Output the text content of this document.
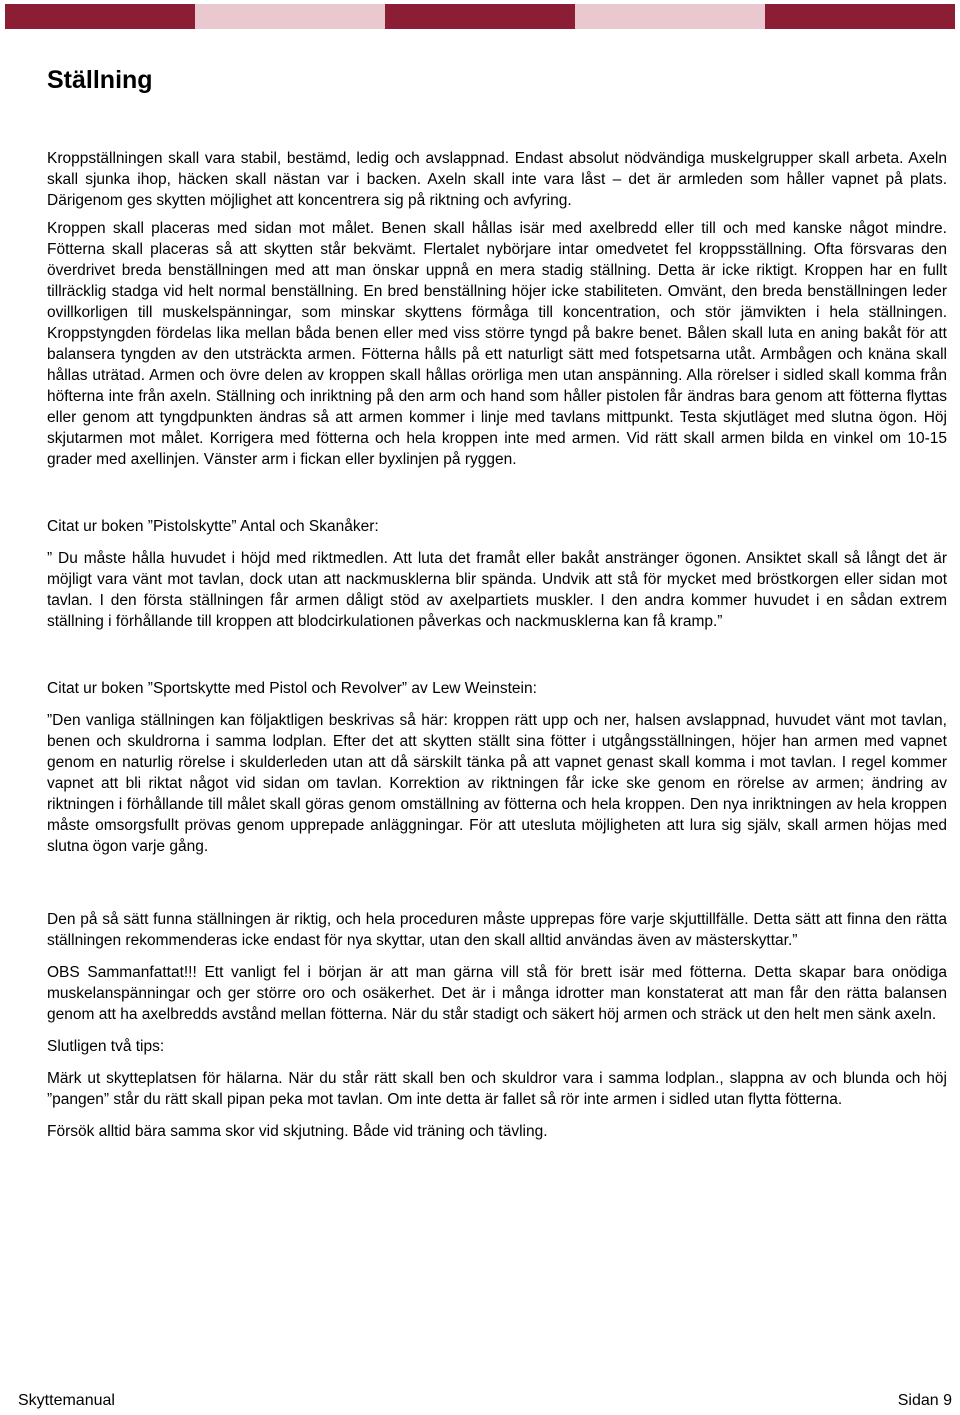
Ställning

Kroppställningen skall vara stabil, bestämd, ledig och avslappnad. Endast absolut nödvändiga muskelgrupper skall arbeta. Axeln skall sjunka ihop, häcken skall nästan var i backen. Axeln skall inte vara låst – det är armleden som håller vapnet på plats. Därigenom ges skytten möjlighet att koncentrera sig på riktning och avfyring.

Kroppen skall placeras med sidan mot målet. Benen skall hållas isär med axelbredd eller till och med kanske något mindre. Fötterna skall placeras så att skytten står bekvämt. Flertalet nybörjare intar omedvetet fel kroppsställning. Ofta försvaras den överdrivet breda benställningen med att man önskar uppnå en mera stadig ställning. Detta är icke riktigt. Kroppen har en fullt tillräcklig stadga vid helt normal benställning. En bred benställning höjer icke stabiliteten. Omvänt, den breda benställningen leder ovillkorligen till muskelspänningar, som minskar skyttens förmåga till koncentration, och stör jämvikten i hela ställningen. Kroppstyngden fördelas lika mellan båda benen eller med viss större tyngd på bakre benet. Bålen skall luta en aning bakåt för att balansera tyngden av den utsträckta armen. Fötterna hålls på ett naturligt sätt med fotspetsarna utåt. Armbågen och knäna skall hållas uträtad. Armen och övre delen av kroppen skall hållas orörliga men utan anspänning. Alla rörelser i sidled skall komma från höfterna inte från axeln. Ställning och inriktning på den arm och hand som håller pistolen får ändras bara genom att fötterna flyttas eller genom att tyngdpunkten ändras så att armen kommer i linje med tavlans mittpunkt. Testa skjutläget med slutna ögon. Höj skjutarmen mot målet. Korrigera med fötterna och hela kroppen inte med armen. Vid rätt skall armen bilda en vinkel om 10-15 grader med axellinjen. Vänster arm i fickan eller byxlinjen på ryggen.

Citat ur boken ”Pistolskytte” Antal och Skanåker:

” Du måste hålla huvudet i höjd med riktmedlen. Att luta det framåt eller bakåt anstränger ögonen. Ansiktet skall så långt det är möjligt vara vänt mot tavlan, dock utan att nackmusklerna blir spända. Undvik att stå för mycket med bröstkorgen eller sidan mot tavlan. I den första ställningen får armen dåligt stöd av axelpartiets muskler. I den andra kommer huvudet i en sådan extrem ställning i förhållande till kroppen att blodcirkulationen påverkas och nackmusklerna kan få kramp.”

Citat ur boken ”Sportskytte med Pistol och Revolver” av Lew Weinstein:

”Den vanliga ställningen kan följaktligen beskrivas så här: kroppen rätt upp och ner, halsen avslappnad, huvudet vänt mot tavlan, benen och skuldrorna i samma lodplan. Efter det att skytten ställt sina fötter i utgångsställningen, höjer han armen med vapnet genom en naturlig rörelse i skulderleden utan att då särskilt tänka på att vapnet genast skall komma i mot tavlan. I regel kommer vapnet att bli riktat något vid sidan om tavlan. Korrektion av riktningen får icke ske genom en rörelse av armen; ändring av riktningen i förhållande till målet skall göras genom omställning av fötterna och hela kroppen. Den nya inriktningen av hela kroppen måste omsorgsfullt prövas genom upprepade anläggningar. För att utesluta möjligheten att lura sig själv, skall armen höjas med slutna ögon varje gång.

Den på så sätt funna ställningen är riktig, och hela proceduren måste upprepas före varje skjuttillfälle. Detta sätt att finna den rätta ställningen rekommenderas icke endast för nya skyttar, utan den skall alltid användas även av mästerskyttar.”

OBS Sammanfattat!!! Ett vanligt fel i början är att man gärna vill stå för brett isär med fötterna. Detta skapar bara onödiga muskelanspänningar och ger större oro och osäkerhet. Det är i många idrotter man konstaterat att man får den rätta balansen genom att ha axelbredds avstånd mellan fötterna. När du står stadigt och säkert höj armen och sträck ut den helt men sänk axeln.

Slutligen två tips:

Märk ut skytteplatsen för hälarna. När du står rätt skall ben och skuldror vara i samma lodplan., slappna av och blunda och höj ”pangen” står du rätt skall pipan peka mot tavlan. Om inte detta är fallet så rör inte armen i sidled utan flytta fötterna.

Försök alltid bära samma skor vid skjutning. Både vid träning och tävling.

Skyttemanual	Sidan 9
